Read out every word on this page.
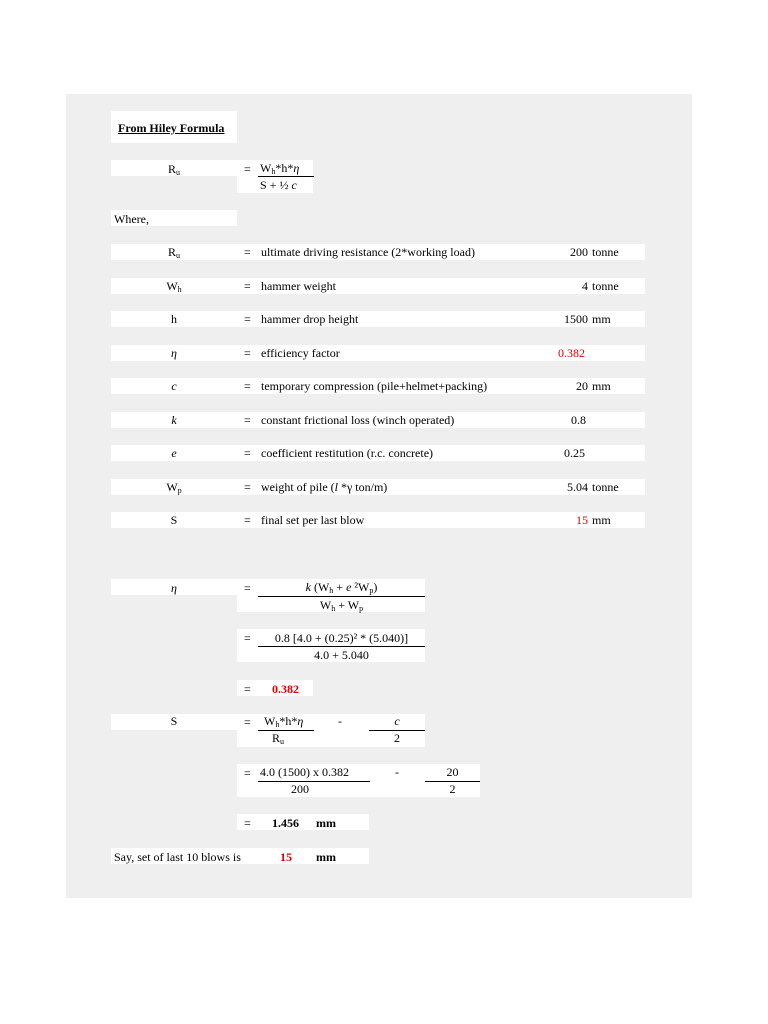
From Hiley Formula
$R_u$	= $W_h*h*\eta$
S + ½ c
Where,
$R_u$	= ultimate driving resistance (2*working load)	200 tonne
$W_h$	= hammer weight	4 tonne
h	= hammer drop height	1500 mm
η	= efficiency factor	0.382
c	= temporary compression (pile+helmet+packing)	20 mm
k	= constant frictional loss (winch operated)	0.8
e	= coefficient restitution (r.c. concrete)	0.25
$W_p$	= weight of pile (l *γ ton/m)	5.04 tonne
S	= final set per last blow	15 mm
η	=	k ($W_h + e$ $^2W_p$)
$W_h + W_p$
=	0.8 [4.0 + (0.25)² * (5.040)]
4.0 + 5.040
= 0.382
S	= $W_h*h*\eta$
$R_u$
-	c
2
= 4.0 (1500) x 0.382
200
-	20
2
= 1.456 mm
Say, set of last 10 blows is	15 mm
